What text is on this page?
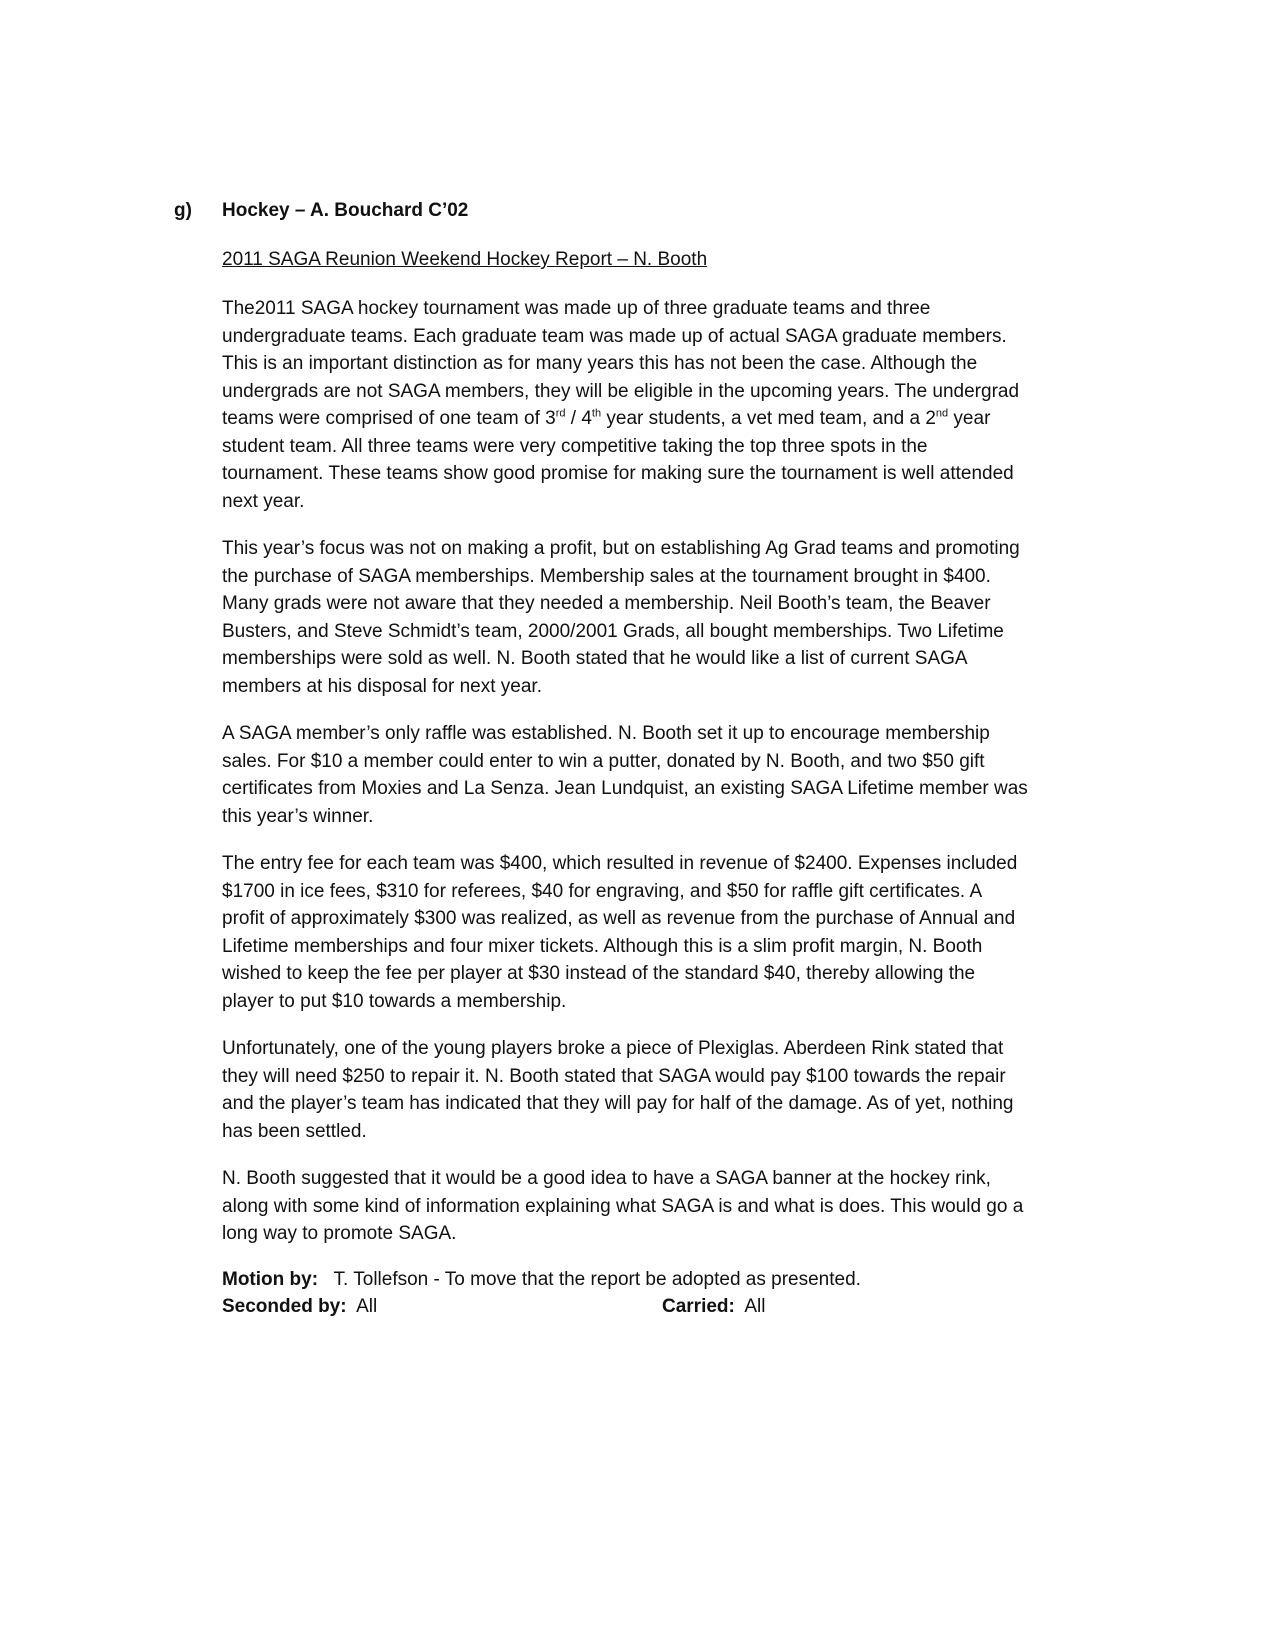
g) Hockey – A. Bouchard C’02
2011 SAGA Reunion Weekend Hockey Report – N. Booth
The2011 SAGA hockey tournament was made up of three graduate teams and three
undergraduate teams. Each graduate team was made up of actual SAGA graduate members.
This is an important distinction as for many years this has not been the case. Although the
undergrads are not SAGA members, they will be eligible in the upcoming years. The undergrad
teams were comprised of one team of 3rd / 4th year students, a vet med team, and a 2nd year
student team. All three teams were very competitive taking the top three spots in the
tournament. These teams show good promise for making sure the tournament is well attended
next year.
This year’s focus was not on making a profit, but on establishing Ag Grad teams and promoting
the purchase of SAGA memberships. Membership sales at the tournament brought in $400.
Many grads were not aware that they needed a membership. Neil Booth’s team, the Beaver
Busters, and Steve Schmidt’s team, 2000/2001 Grads, all bought memberships. Two Lifetime
memberships were sold as well. N. Booth stated that he would like a list of current SAGA
members at his disposal for next year.
A SAGA member’s only raffle was established. N. Booth set it up to encourage membership
sales. For $10 a member could enter to win a putter, donated by N. Booth, and two $50 gift
certificates from Moxies and La Senza. Jean Lundquist, an existing SAGA Lifetime member was
this year’s winner.
The entry fee for each team was $400, which resulted in revenue of $2400. Expenses included
$1700 in ice fees, $310 for referees, $40 for engraving, and $50 for raffle gift certificates. A
profit of approximately $300 was realized, as well as revenue from the purchase of Annual and
Lifetime memberships and four mixer tickets. Although this is a slim profit margin, N. Booth
wished to keep the fee per player at $30 instead of the standard $40, thereby allowing the
player to put $10 towards a membership.
Unfortunately, one of the young players broke a piece of Plexiglas. Aberdeen Rink stated that
they will need $250 to repair it. N. Booth stated that SAGA would pay $100 towards the repair
and the player’s team has indicated that they will pay for half of the damage. As of yet, nothing
has been settled.
N. Booth suggested that it would be a good idea to have a SAGA banner at the hockey rink,
along with some kind of information explaining what SAGA is and what is does. This would go a
long way to promote SAGA.
Motion by: T. Tollefson - To move that the report be adopted as presented.
Seconded by: All	Carried: All
